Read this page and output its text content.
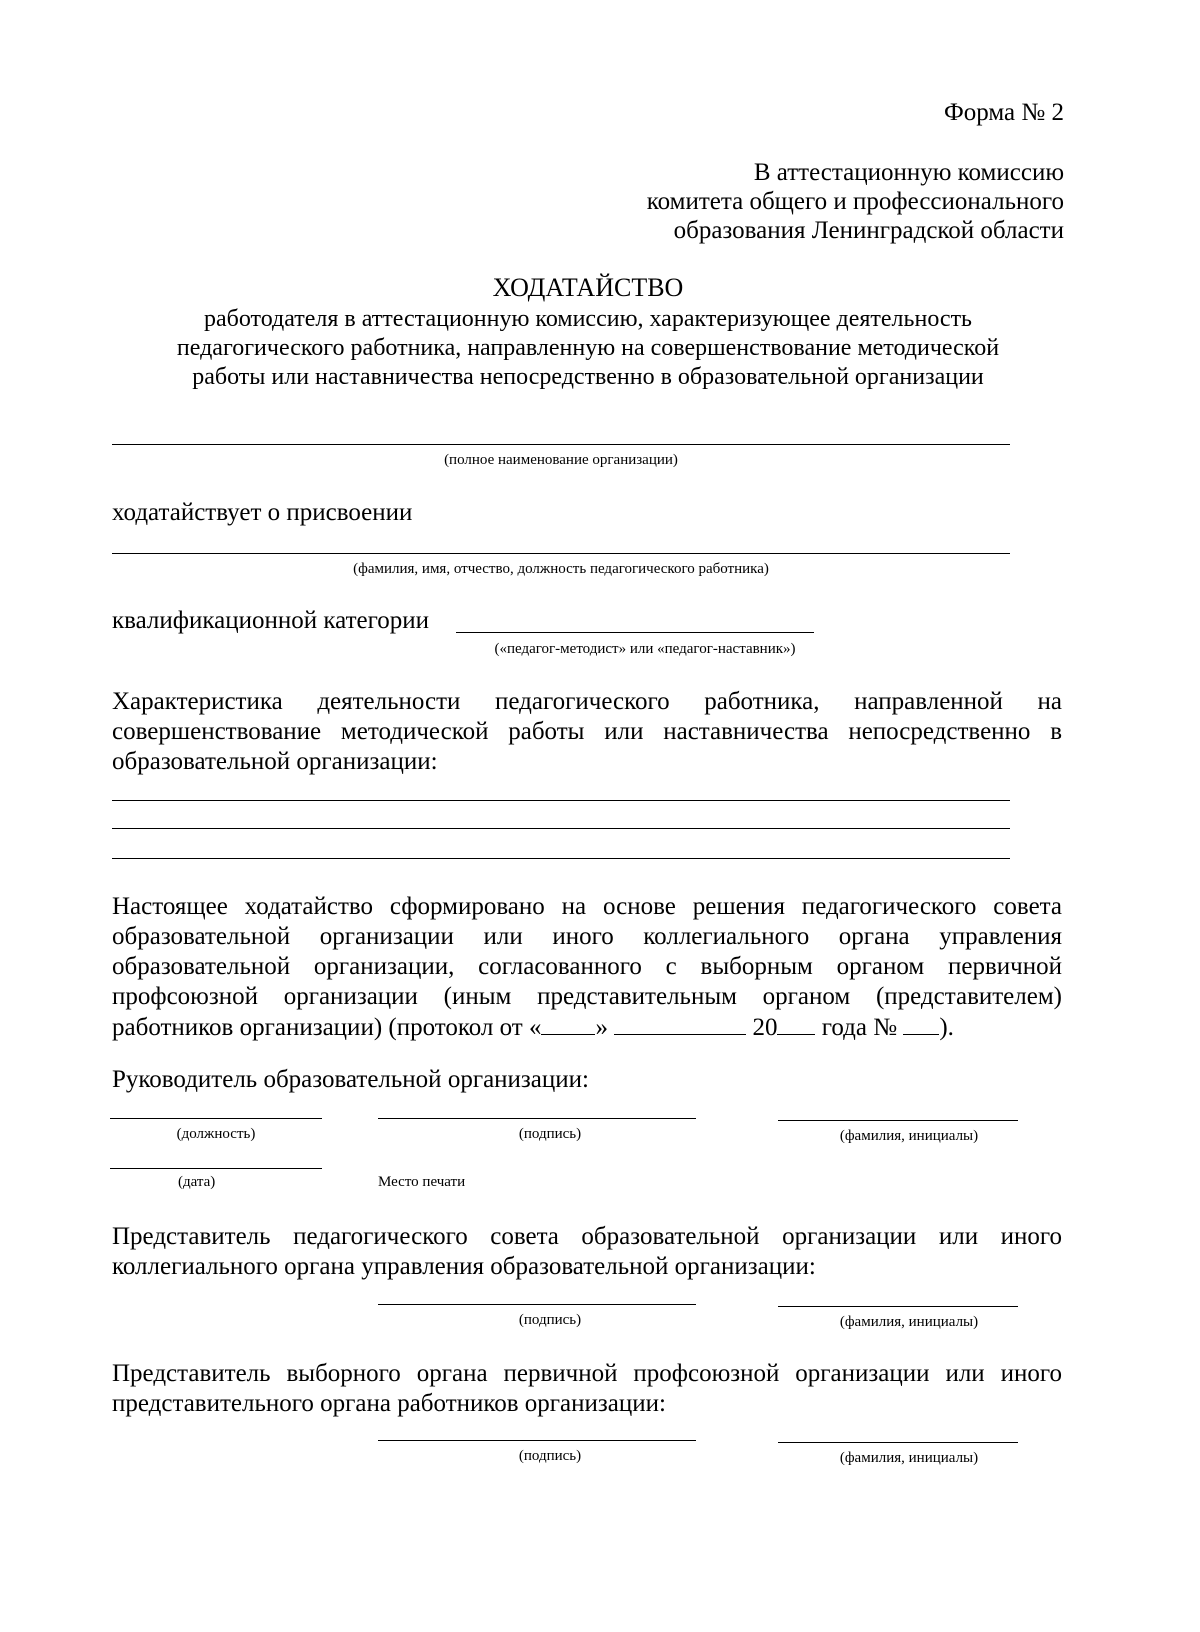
Форма № 2
В аттестационную комиссию
комитета общего и профессионального
образования Ленинградской области
ХОДАТАЙСТВО
работодателя в аттестационную комиссию, характеризующее деятельность
педагогического работника, направленную на совершенствование методической
работы или наставничества непосредственно в образовательной организации
(полное наименование организации)
ходатайствует о присвоении
(фамилия, имя, отчество, должность педагогического работника)
квалификационной категории
(«педагог-методист» или «педагог-наставник»)
Характеристика деятельности педагогического работника, направленной на совершенствование методической работы или наставничества непосредственно в образовательной организации:
Настоящее ходатайство сформировано на основе решения педагогического совета образовательной организации или иного коллегиального органа управления образовательной организации, согласованного с выборным органом первичной профсоюзной организации (иным представительным органом (представителем) работников организации) (протокол от « »	20 года № ).
Руководитель образовательной организации:
(должность)	(подпись)	(фамилия, инициалы)
(дата)	Место печати
Представитель педагогического совета образовательной организации или иного коллегиального органа управления образовательной организации:
(подпись)	(фамилия, инициалы)
Представитель выборного органа первичной профсоюзной организации или иного представительного органа работников организации:
(подпись)	(фамилия, инициалы)
